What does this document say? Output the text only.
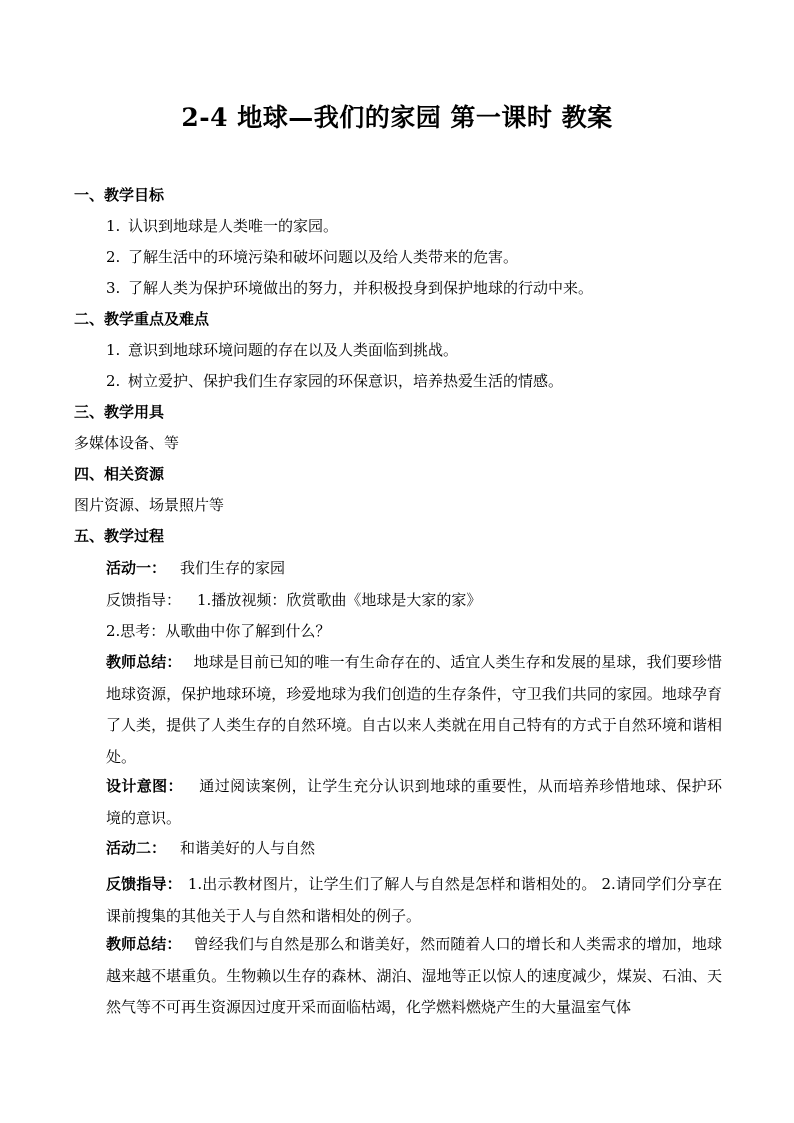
2-4 地球—我们的家园 第一课时 教案
一、教学目标
1. 认识到地球是人类唯一的家园。
2. 了解生活中的环境污染和破坏问题以及给人类带来的危害。
3. 了解人类为保护环境做出的努力，并积极投身到保护地球的行动中来。
二、教学重点及难点
1. 意识到地球环境问题的存在以及人类面临到挑战。
2. 树立爱护、保护我们生存家园的环保意识，培养热爱生活的情感。
三、教学用具
多媒体设备、等
四、相关资源
图片资源、场景照片等
五、教学过程
活动一： 我们生存的家园
反馈指导： 1.播放视频：欣赏歌曲《地球是大家的家》
2.思考：从歌曲中你了解到什么？
教师总结： 地球是目前已知的唯一有生命存在的、适宜人类生存和发展的星球，我们要珍惜地球资源，保护地球环境，珍爱地球为我们创造的生存条件，守卫我们共同的家园。地球孕育了人类，提供了人类生存的自然环境。自古以来人类就在用自己特有的方式于自然环境和谐相处。
设计意图： 通过阅读案例，让学生充分认识到地球的重要性，从而培养珍惜地球、保护环境的意识。
活动二： 和谐美好的人与自然
反馈指导： 1.出示教材图片，让学生们了解人与自然是怎样和谐相处的。 2.请同学们分享在课前搜集的其他关于人与自然和谐相处的例子。
教师总结： 曾经我们与自然是那么和谐美好，然而随着人口的增长和人类需求的增加，地球越来越不堪重负。生物赖以生存的森林、湖泊、湿地等正以惊人的速度减少，煤炭、石油、天然气等不可再生资源因过度开采而面临枯竭，化学燃料燃烧产生的大量温室气体
